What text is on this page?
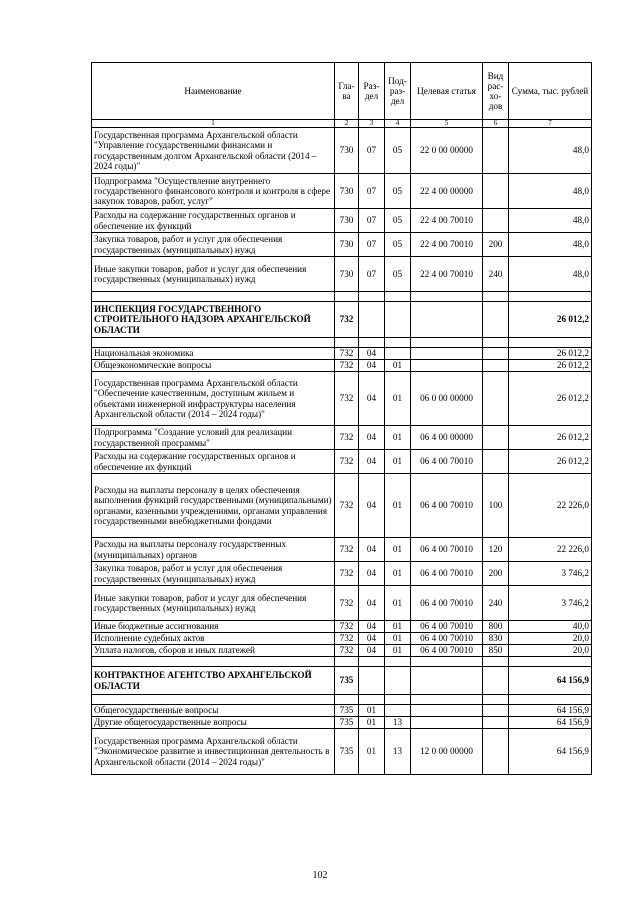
Наименование	Гла-ва	Раз-дел	Под-раз-дел	Целевая статья	Вид рас-хо-дов	Сумма, тыс. рублей
1	2	3	4	5	6	7
Государственная программа Архангельской области "Управление государственными финансами и государственным долгом Архангельской области (2014 – 2024 годы)"	730	07	05	22 0 00 00000		48,0
Подпрограмма "Осуществление внутреннего государственного финансового контроля и контроля в сфере закупок товаров, работ, услуг"	730	07	05	22 4 00 00000		48,0
Расходы на содержание государственных органов и обеспечение их функций	730	07	05	22 4 00 70010		48,0
Закупка товаров, работ и услуг для обеспечения государственных (муниципальных) нужд	730	07	05	22 4 00 70010	200	48,0
Иные закупки товаров, работ и услуг для обеспечения государственных (муниципальных) нужд	730	07	05	22 4 00 70010	240	48,0

ИНСПЕКЦИЯ ГОСУДАРСТВЕННОГО СТРОИТЕЛЬНОГО НАДЗОРА АРХАНГЕЛЬСКОЙ ОБЛАСТИ	732					26 012,2

Национальная экономика	732	04				26 012,2
Общеэкономические вопросы	732	04	01			26 012,2
Государственная программа Архангельской области "Обеспечение качественным, доступным жильем и объектами инженерной инфраструктуры населения Архангельской области (2014 – 2024 годы)"	732	04	01	06 0 00 00000		26 012,2
Подпрограмма "Создание условий для реализации государственной программы"	732	04	01	06 4 00 00000		26 012,2
Расходы на содержание государственных органов и обеспечение их функций	732	04	01	06 4 00 70010		26 012,2
Расходы на выплаты персоналу в целях обеспечения выполнения функций государственными (муниципальными) органами, казенными учреждениями, органами управления государственными внебюджетными фондами	732	04	01	06 4 00 70010	100	22 226,0
Расходы на выплаты персоналу государственных (муниципальных) органов	732	04	01	06 4 00 70010	120	22 226,0
Закупка товаров, работ и услуг для обеспечения государственных (муниципальных) нужд	732	04	01	06 4 00 70010	200	3 746,2
Иные закупки товаров, работ и услуг для обеспечения государственных (муниципальных) нужд	732	04	01	06 4 00 70010	240	3 746,2
Иные бюджетные ассигнования	732	04	01	06 4 00 70010	800	40,0
Исполнение судебных актов	732	04	01	06 4 00 70010	830	20,0
Уплата налогов, сборов и иных платежей	732	04	01	06 4 00 70010	850	20,0

КОНТРАКТНОЕ АГЕНТСТВО АРХАНГЕЛЬСКОЙ ОБЛАСТИ	735					64 156,9

Общегосударственные вопросы	735	01				64 156,9
Другие общегосударственные вопросы	735	01	13			64 156,9
Государственная программа Архангельской области "Экономическое развитие и инвестиционная деятельность в Архангельской области (2014 – 2024 годы)"	735	01	13	12 0 00 00000		64 156,9
102
